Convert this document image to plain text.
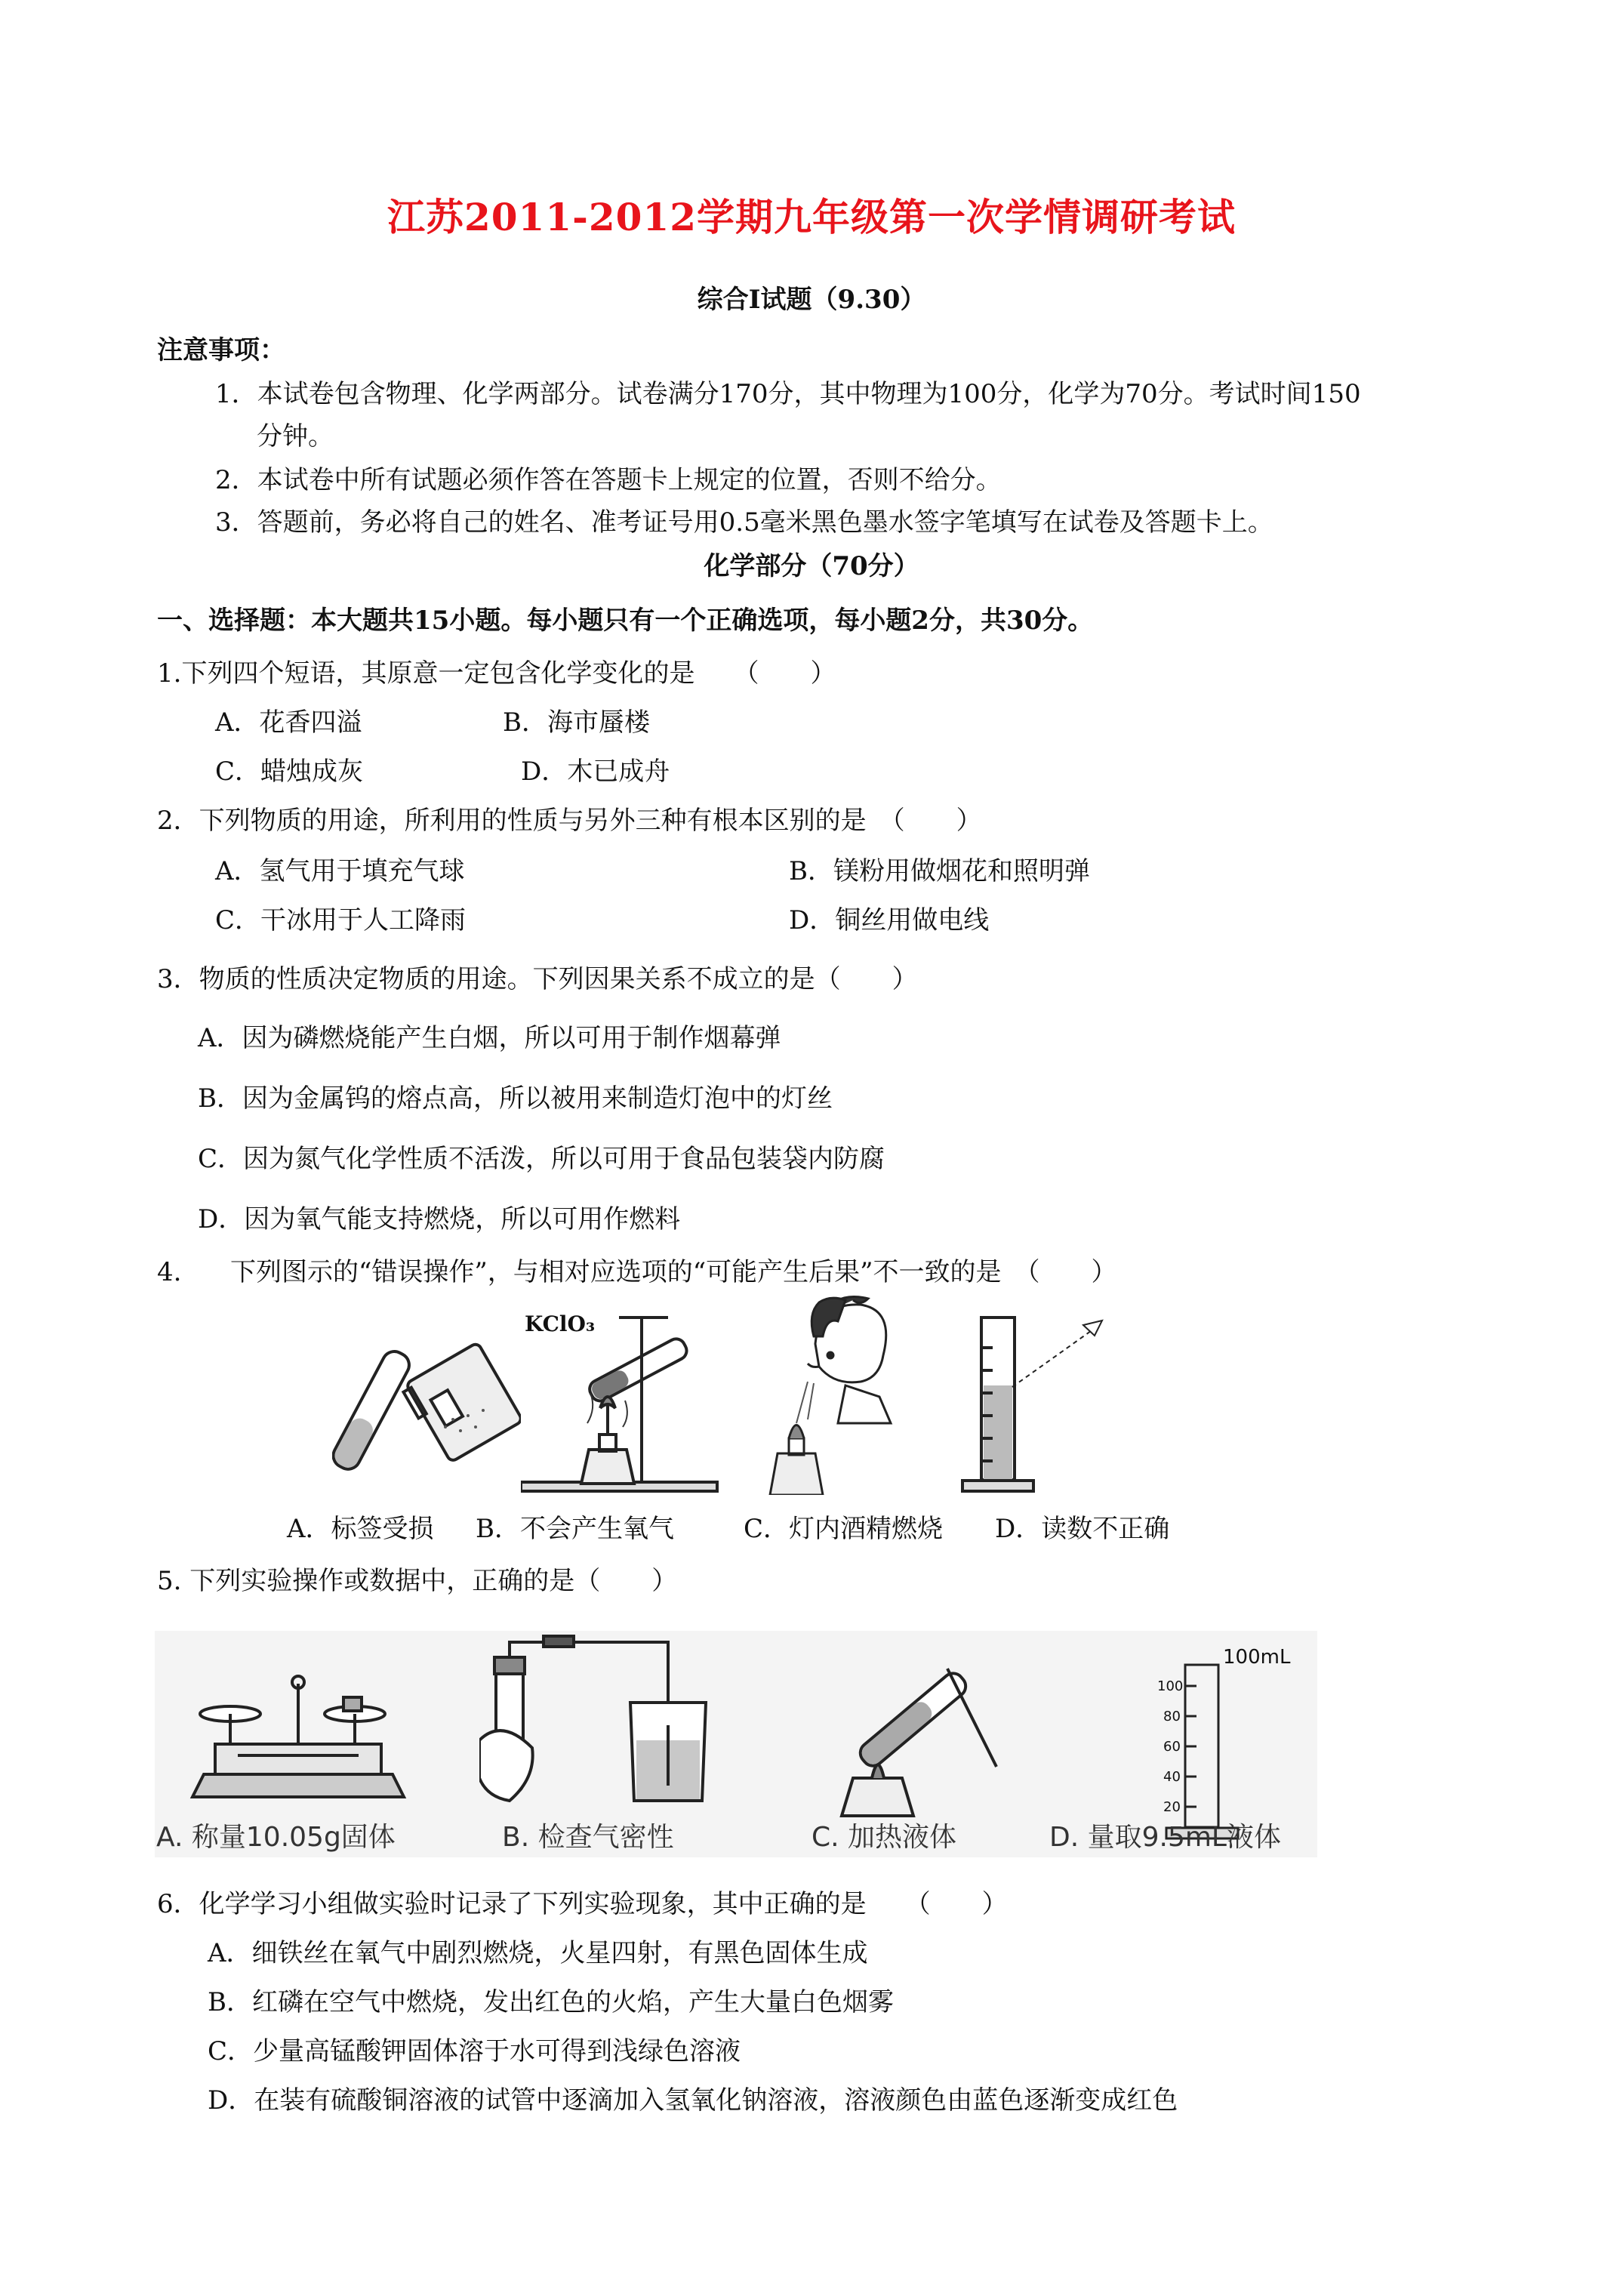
江苏2011-2012学期九年级第一次学情调研考试
综合Ⅰ试题（9.30）
注意事项：
1．本试卷包含物理、化学两部分。试卷满分170分，其中物理为100分，化学为70分。考试时间150
分钟。
2．本试卷中所有试题必须作答在答题卡上规定的位置，否则不给分。
3．答题前，务必将自己的姓名、准考证号用0.5毫米黑色墨水签字笔填写在试卷及答题卡上。
化学部分（70分）
一、选择题：本大题共15小题。每小题只有一个正确选项，每小题2分，共30分。
1.下列四个短语，其原意一定包含化学变化的是　　（　　）
A．花香四溢	B．海市蜃楼
C．蜡烛成灰	D．木已成舟
2．下列物质的用途，所利用的性质与另外三种有根本区别的是　（　　）
A．氢气用于填充气球	B．镁粉用做烟花和照明弹
C．干冰用于人工降雨	D．铜丝用做电线
3．物质的性质决定物质的用途。下列因果关系不成立的是（　　）
A．因为磷燃烧能产生白烟，所以可用于制作烟幕弹
B．因为金属钨的熔点高，所以被用来制造灯泡中的灯丝
C．因为氮气化学性质不活泼，所以可用于食品包装袋内防腐
D．因为氧气能支持燃烧，所以可用作燃料
4. 下列图示的“错误操作”，与相对应选项的“可能产生后果”不一致的是　（　　）
KClO₃
A．标签受损 B．不会产生氧气	C．灯内酒精燃烧 D．读数不正确
5. 下列实验操作或数据中，正确的是（　　）
100mL
100
80
60
40
20
A. 称量10.05g固体	B. 检查气密性	C. 加热液体	D. 量取9.5mL液体
6．化学学习小组做实验时记录了下列实验现象，其中正确的是　　（　　）
A．细铁丝在氧气中剧烈燃烧，火星四射，有黑色固体生成
B．红磷在空气中燃烧，发出红色的火焰，产生大量白色烟雾
C．少量高锰酸钾固体溶于水可得到浅绿色溶液
D．在装有硫酸铜溶液的试管中逐滴加入氢氧化钠溶液，溶液颜色由蓝色逐渐变成红色
